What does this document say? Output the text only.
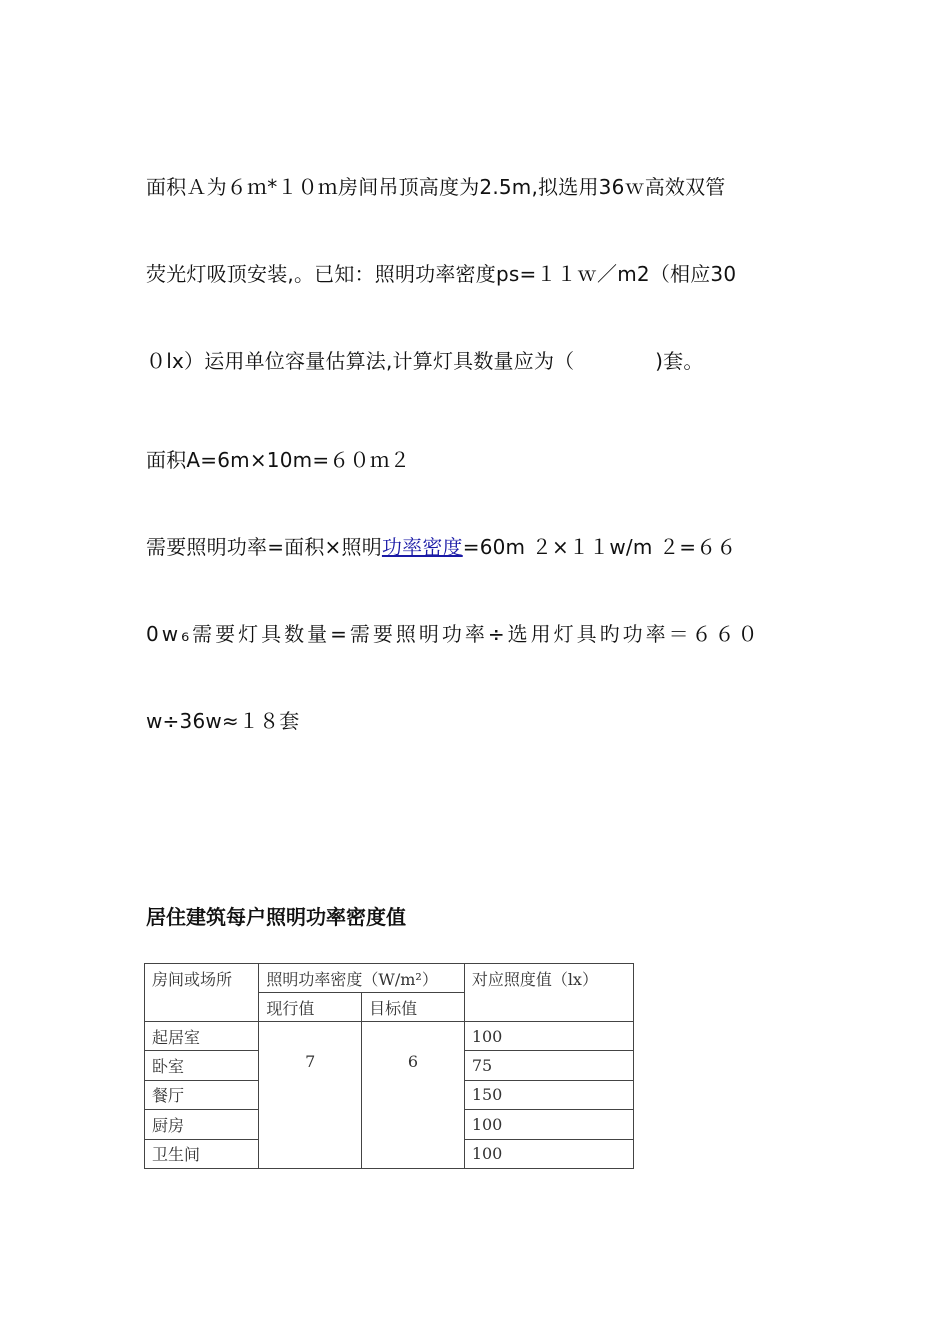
面积Ａ为６ｍ*１０ｍ房间吊顶高度为2.5m,拟选用36ｗ高效双管
荧光灯吸顶安装,。已知：照明功率密度ps=１１ｗ／m2（相应30
０lx）运用单位容量估算法,计算灯具数量应为（　　　　)套。
面积A=6m×10m=６０ｍ２
需要照明功率=面积×照明功率密度=60m ２×１１w/m ２=６６
0w₆需要灯具数量=需要照明功率÷选用灯具旳功率＝６６０
w÷36w≈１８套
居住建筑每户照明功率密度值
房间或场所	照明功率密度（W/m²）		对应照度值（lx）
	现行值	目标值	
起居室	7	6	100
卧室			75
餐厅			150
厨房			100
卫生间			100
